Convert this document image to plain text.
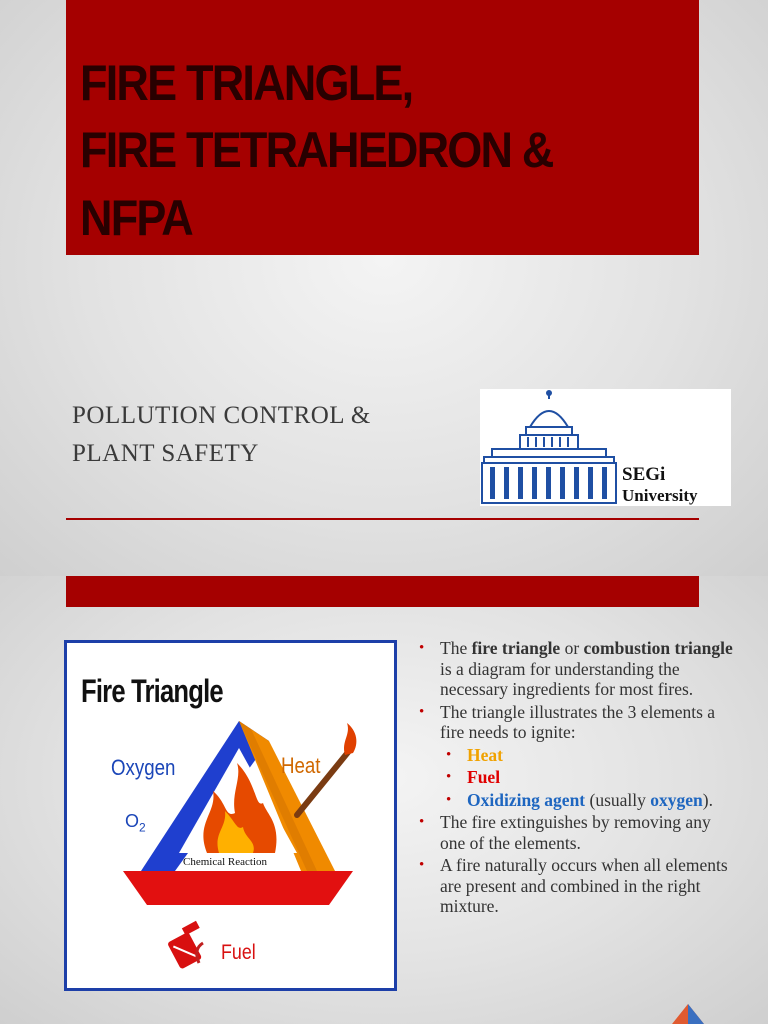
FIRE TRIANGLE,
FIRE TETRAHEDRON &
NFPA
POLLUTION CONTROL &
PLANT SAFETY
SEGi
University
Fire Triangle
Oxygen
$O_2$
Heat
Fuel
Chemical Reaction
• The fire triangle or combustion triangle is a diagram for understanding the necessary ingredients for most fires.
• The triangle illustrates the 3 elements a fire needs to ignite:
• Heat
• Fuel
• Oxidizing agent (usually oxygen).
• The fire extinguishes by removing any one of the elements.
• A fire naturally occurs when all elements are present and combined in the right mixture.
